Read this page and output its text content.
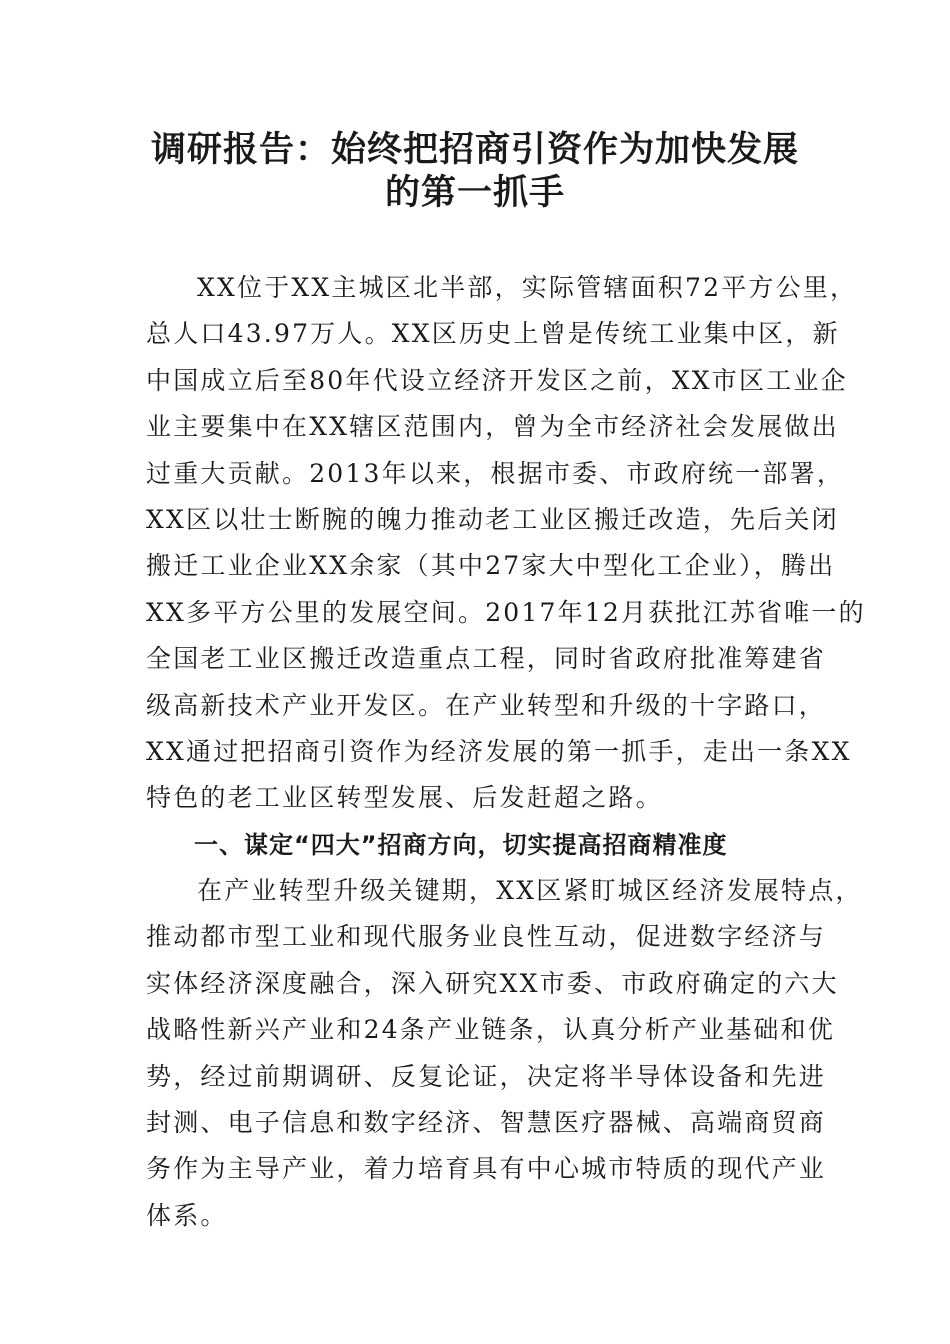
调研报告：始终把招商引资作为加快发展
的第一抓手
XX位于XX主城区北半部，实际管辖面积72平方公里，
总人口43.97万人。XX区历史上曾是传统工业集中区，新
中国成立后至80年代设立经济开发区之前，XX市区工业企
业主要集中在XX辖区范围内，曾为全市经济社会发展做出
过重大贡献。2013年以来，根据市委、市政府统一部署，
XX区以壮士断腕的魄力推动老工业区搬迁改造，先后关闭
搬迁工业企业XX余家（其中27家大中型化工企业），腾出
XX多平方公里的发展空间。2017年12月获批江苏省唯一的
全国老工业区搬迁改造重点工程，同时省政府批准筹建省
级高新技术产业开发区。在产业转型和升级的十字路口，
XX通过把招商引资作为经济发展的第一抓手，走出一条XX
特色的老工业区转型发展、后发赶超之路。
一、谋定“四大”招商方向，切实提高招商精准度
在产业转型升级关键期，XX区紧盯城区经济发展特点，
推动都市型工业和现代服务业良性互动，促进数字经济与
实体经济深度融合，深入研究XX市委、市政府确定的六大
战略性新兴产业和24条产业链条，认真分析产业基础和优
势，经过前期调研、反复论证，决定将半导体设备和先进
封测、电子信息和数字经济、智慧医疗器械、高端商贸商
务作为主导产业，着力培育具有中心城市特质的现代产业
体系。
